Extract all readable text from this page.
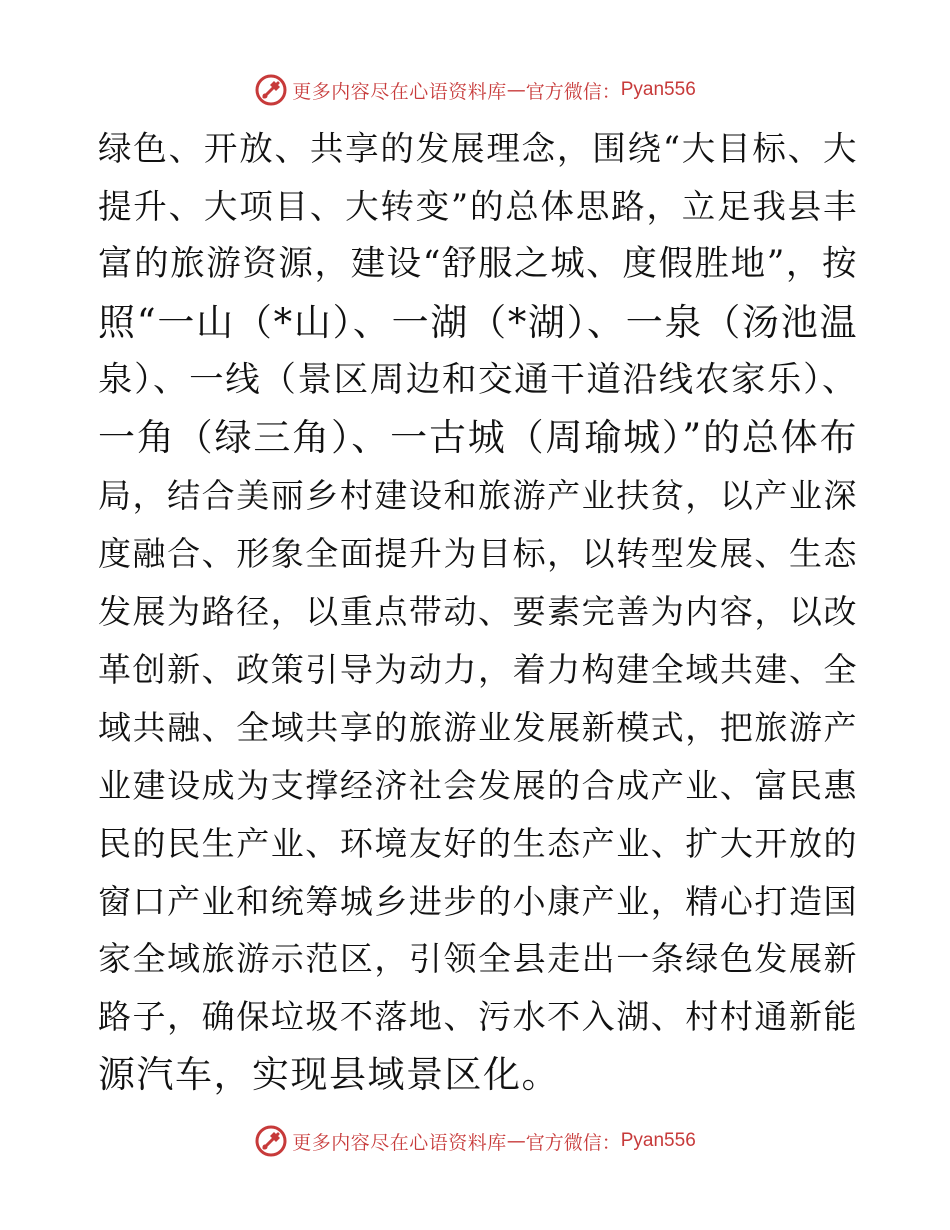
更多内容尽在心语资料库 — 官方微信： Pyan556
绿色、开放、共享的发展理念，围绕“大目标、大
提升、大项目、大转变”的总体思路，立足我县丰
富的旅游资源，建设“舒服之城、度假胜地”，按
照“一山（*山）、一湖（*湖）、一泉（汤池温
泉）、一线（景区周边和交通干道沿线农家乐）、
一角（绿三角）、一古城（周瑜城）”的总体布
局，结合美丽乡村建设和旅游产业扶贫，以产业深
度融合、形象全面提升为目标，以转型发展、生态
发展为路径，以重点带动、要素完善为内容，以改
革创新、政策引导为动力，着力构建全域共建、全
域共融、全域共享的旅游业发展新模式，把旅游产
业建设成为支撑经济社会发展的合成产业、富民惠
民的民生产业、环境友好的生态产业、扩大开放的
窗口产业和统筹城乡进步的小康产业，精心打造国
家全域旅游示范区，引领全县走出一条绿色发展新
路子，确保垃圾不落地、污水不入湖、村村通新能
源汽车，实现县域景区化。
更多内容尽在心语资料库 — 官方微信： Pyan556
